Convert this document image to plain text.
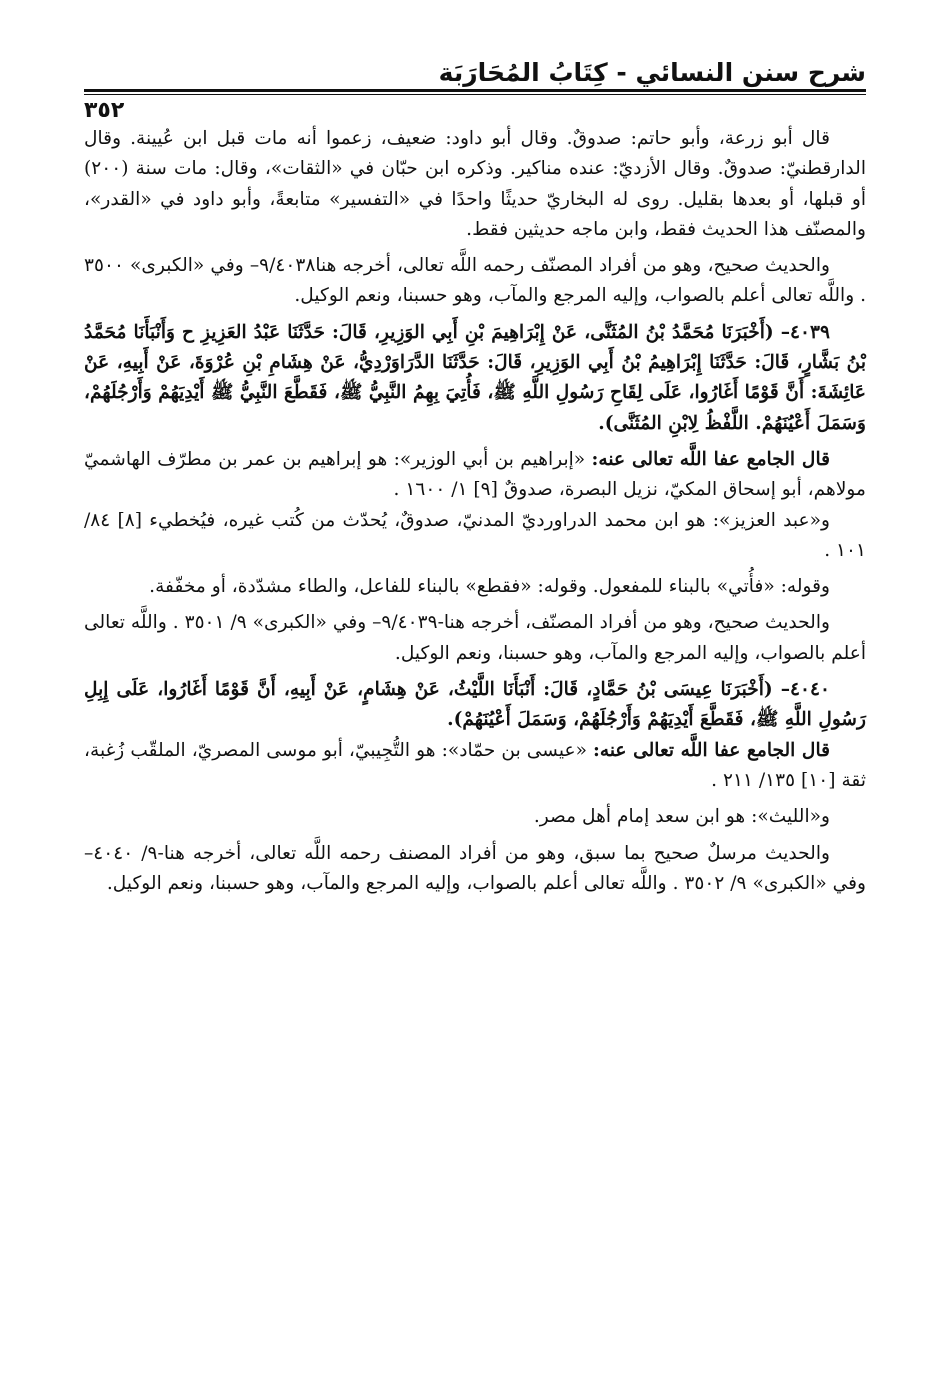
شرح سنن النسائي - كِتَابُ المُحَارَبَة
٣٥٢

قال أبو زرعة، وأبو حاتم: صدوقٌ. وقال أبو داود: ضعيف، زعموا أنه مات قبل ابن عُيينة. وقال الدارقطنيّ: صدوقٌ. وقال الأزديّ: عنده مناكير. وذكره ابن حبّان في «الثقات»، وقال: مات سنة (٢٠٠) أو قبلها، أو بعدها بقليل. روى له البخاريّ حديثًا واحدًا في «التفسير» متابعةً، وأبو داود في «القدر»، والمصنّف هذا الحديث فقط، وابن ماجه حديثين فقط.

والحديث صحيح، وهو من أفراد المصنّف رحمه اللَّه تعالى، أخرجه هنا٩/٤٠٣٨– وفي «الكبرى» ٣٥٠٠ . واللَّه تعالى أعلم بالصواب، وإليه المرجع والمآب، وهو حسبنا، ونعم الوكيل.

٤٠٣٩– (أَخْبَرَنَا مُحَمَّدُ بْنُ المُثَنَّى، عَنْ إِبْرَاهِيمَ بْنِ أَبِي الوَزِيرِ، قَالَ: حَدَّثَنَا عَبْدُ العَزِيزِ ح وَأَنْبَأَنَا مُحَمَّدُ بْنُ بَشَّارٍ، قَالَ: حَدَّثَنَا إِبْرَاهِيمُ بْنُ أَبِي الوَزِيرِ، قَالَ: حَدَّثَنَا الدَّرَاوَرْدِيُّ، عَنْ هِشَامِ بْنِ عُرْوَةَ، عَنْ أَبِيهِ، عَنْ عَائِشَةَ: أَنَّ قَوْمًا أَغَارُوا، عَلَى لِقَاحِ رَسُولِ اللَّهِ ﷺ، فَأُتِيَ بِهِمُ النَّبِيُّ ﷺ، فَقَطَّعَ النَّبِيُّ ﷺ أَيْدِيَهُمْ وَأَرْجُلَهُمْ، وَسَمَلَ أَعْيُنَهُمْ. اللَّفْظُ لِابْنِ المُثَنَّى).

قال الجامع عفا اللَّه تعالى عنه: «إبراهيم بن أبي الوزير»: هو إبراهيم بن عمر بن مطرّف الهاشميّ مولاهم، أبو إسحاق المكيّ، نزيل البصرة، صدوقٌ [٩] ١/ ١٦٠٠ .

و«عبد العزيز»: هو ابن محمد الدراورديّ المدنيّ، صدوقٌ، يُحدّث من كُتب غيره، فيُخطيء [٨] ٨٤/ ١٠١ .

وقوله: «فأُتي» بالبناء للمفعول. وقوله: «فقطع» بالبناء للفاعل، والطاء مشدّدة، أو مخفّفة.

والحديث صحيح، وهو من أفراد المصنّف، أخرجه هنا-٩/٤٠٣٩– وفي «الكبرى» ٩/ ٣٥٠١ . واللَّه تعالى أعلم بالصواب، وإليه المرجع والمآب، وهو حسبنا، ونعم الوكيل.

٤٠٤٠– (أَخْبَرَنَا عِيسَى بْنُ حَمَّادٍ، قَالَ: أَنْبَأَنَا اللَّيْثُ، عَنْ هِشَامٍ، عَنْ أَبِيهِ، أَنَّ قَوْمًا أَغَارُوا، عَلَى إِبِلِ رَسُولِ اللَّهِ ﷺ، فَقَطَّعَ أَيْدِيَهُمْ وَأَرْجُلَهُمْ، وَسَمَلَ أَعْيُنَهُمْ).

قال الجامع عفا اللَّه تعالى عنه: «عيسى بن حمّاد»: هو التُّجِيبيّ، أبو موسى المصريّ، الملقّب زُغبة، ثقة [١٠] ١٣٥/ ٢١١ .

و«الليث»: هو ابن سعد إمام أهل مصر.

والحديث مرسلٌ صحيح بما سبق، وهو من أفراد المصنف رحمه اللَّه تعالى، أخرجه هنا-٩/ ٤٠٤٠– وفي «الكبرى» ٩/ ٣٥٠٢ . واللَّه تعالى أعلم بالصواب، وإليه المرجع والمآب، وهو حسبنا، ونعم الوكيل.
